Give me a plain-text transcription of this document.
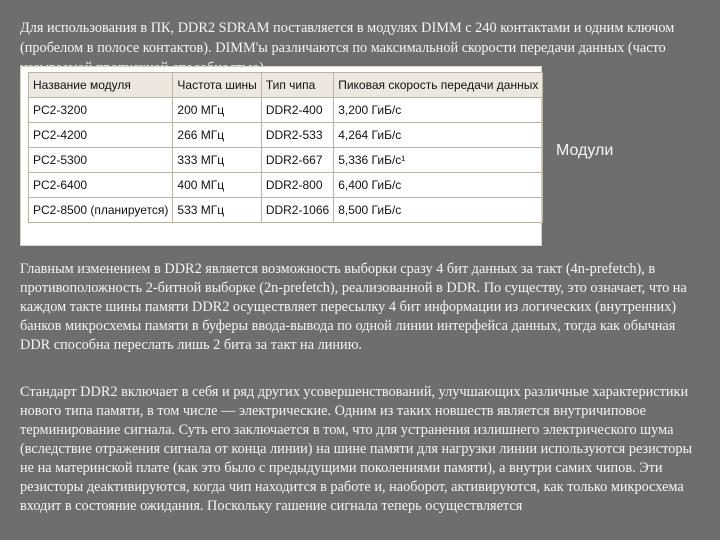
Для использования в ПК, DDR2 SDRAM поставляется в модулях DIMM с 240 контактами и одним ключом (пробелом в полосе контактов). DIMM'ы различаются по максимальной скорости передачи данных (часто

Название модуля	Частота шины	Тип чипа	Пиковая скорость передачи данных
PC2-3200	200 МГц	DDR2-400	3,200 ГиБ/с
PC2-4200	266 МГц	DDR2-533	4,264 ГиБ/с
PC2-5300	333 МГц	DDR2-667	5,336 ГиБ/с¹
PC2-6400	400 МГц	DDR2-800	6,400 ГиБ/с
PC2-8500 (планируется)	533 МГц	DDR2-1066	8,500 ГиБ/с
Модули

Главным изменением в DDR2 является возможность выборки сразу 4 бит данных за такт (4n-prefetch), в противоположность 2-битной выборке (2n-prefetch), реализованной в DDR. По существу, это означает, что на каждом такте шины памяти DDR2 осуществляет пересылку 4 бит информации из логических (внутренних) банков микросхемы памяти в буферы ввода-вывода по одной линии интерфейса данных, тогда как обычная DDR способна переслать лишь 2 бита за такт на линию.

Стандарт DDR2 включает в себя и ряд других усовершенствований, улучшающих различные характеристики нового типа памяти, в том числе — электрические. Одним из таких новшеств является внутричиповое терминирование сигнала. Суть его заключается в том, что для устранения излишнего электрического шума (вследствие отражения сигнала от конца линии) на шине памяти для нагрузки линии используются резисторы не на материнской плате (как это было с предыдущими поколениями памяти), а внутри самих чипов. Эти резисторы деактивируются, когда чип находится в работе и, наоборот, активируются, как только микросхема входит в состояние ожидания. Поскольку гашение сигнала теперь осуществляется
